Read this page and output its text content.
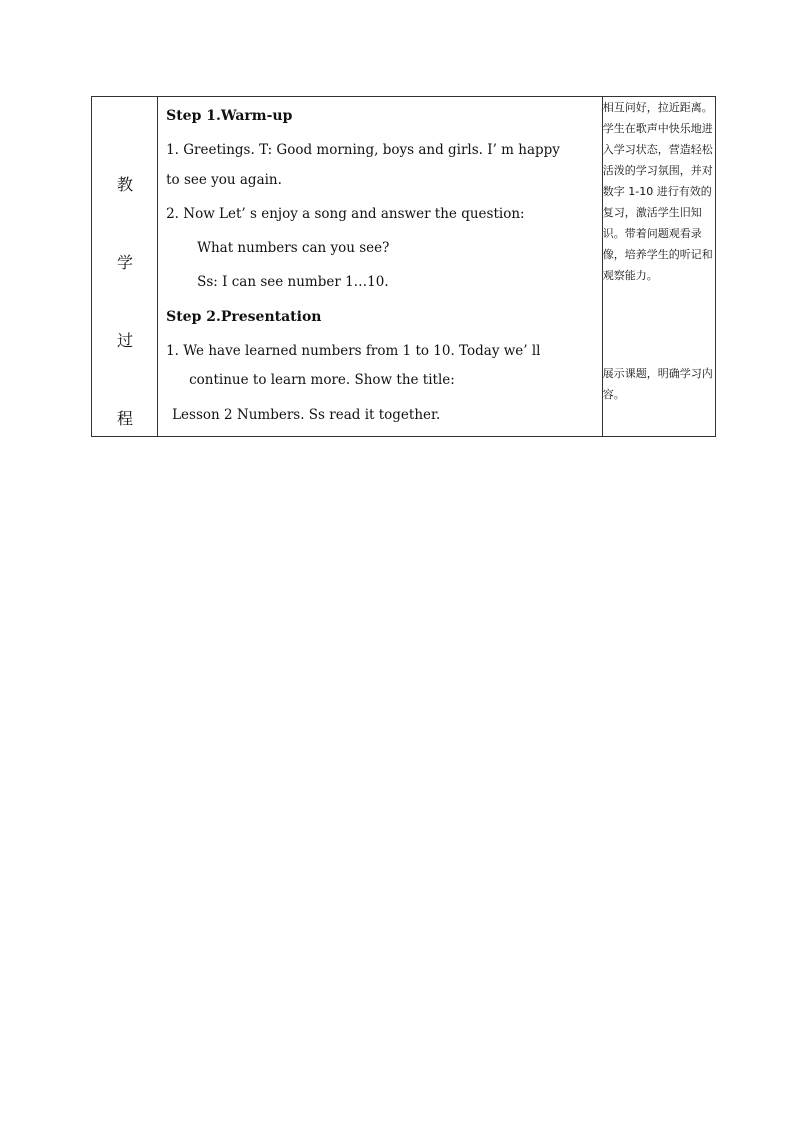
教
学
过
程

Step 1.Warm-up
1. Greetings. T: Good morning, boys and girls. I’ m happy
to see you again.
2. Now Let’ s enjoy a song and answer the question:
What numbers can you see?
Ss: I can see number 1…10.
Step 2.Presentation
1. We have learned numbers from 1 to 10. Today we’ ll
continue to learn more. Show the title:
Lesson 2 Numbers. Ss read it together.

相互问好，拉近距离。学生在歌声中快乐地进入学习状态，营造轻松活泼的学习氛围，并对数字 1-10 进行有效的复习，激活学生旧知识。带着问题观看录像，培养学生的听记和观察能力。
展示课题，明确学习内容。
